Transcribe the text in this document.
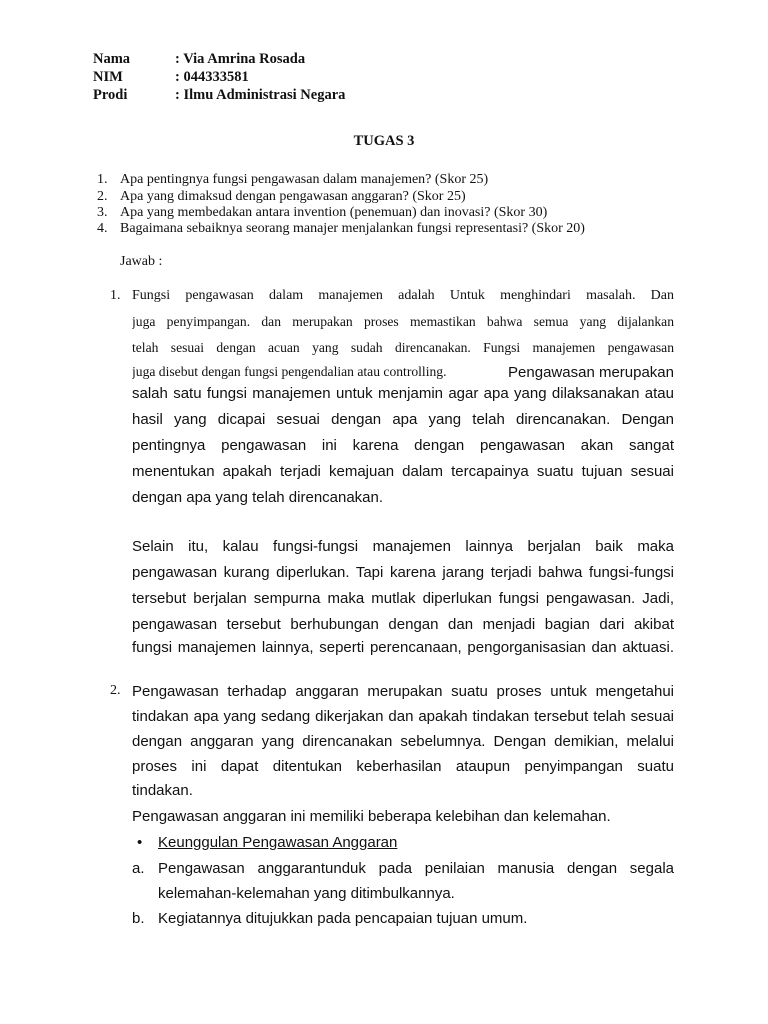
Nama	: Via Amrina Rosada
NIM	: 044333581
Prodi	: Ilmu Administrasi Negara
TUGAS 3
1. Apa pentingnya fungsi pengawasan dalam manajemen? (Skor 25)
2. Apa yang dimaksud dengan pengawasan anggaran? (Skor 25)
3. Apa yang membedakan antara invention (penemuan) dan inovasi? (Skor 30)
4. Bagaimana sebaiknya seorang manajer menjalankan fungsi representasi? (Skor 20)
Jawab :
1. Fungsi pengawasan dalam manajemen adalah Untuk menghindari masalah. Dan
juga penyimpangan. dan merupakan proses memastikan bahwa semua yang dijalankan
telah sesuai dengan acuan yang sudah direncanakan. Fungsi manajemen pengawasan
juga disebut dengan fungsi pengendalian atau controlling.	Pengawasan merupakan
salah satu fungsi manajemen untuk menjamin agar apa yang dilaksanakan atau
hasil yang dicapai sesuai dengan apa yang telah direncanakan. Dengan
pentingnya pengawasan ini karena dengan pengawasan akan sangat
menentukan apakah terjadi kemajuan dalam tercapainya suatu tujuan sesuai
dengan apa yang telah direncanakan.
Selain itu, kalau fungsi-fungsi manajemen lainnya berjalan baik maka
pengawasan kurang diperlukan. Tapi karena jarang terjadi bahwa fungsi-fungsi
tersebut berjalan sempurna maka mutlak diperlukan fungsi pengawasan. Jadi,
pengawasan tersebut berhubungan dengan dan menjadi bagian dari akibat
fungsi manajemen lainnya, seperti perencanaan, pengorganisasian dan aktuasi.
2. Pengawasan terhadap anggaran merupakan suatu proses untuk mengetahui
tindakan apa yang sedang dikerjakan dan apakah tindakan tersebut telah sesuai
dengan anggaran yang direncanakan sebelumnya. Dengan demikian, melalui
proses ini dapat ditentukan keberhasilan ataupun penyimpangan suatu
tindakan.
Pengawasan anggaran ini memiliki beberapa kelebihan dan kelemahan.
• Keunggulan Pengawasan Anggaran
a. Pengawasan anggarantunduk pada penilaian manusia dengan segala
kelemahan-kelemahan yang ditimbulkannya.
b. Kegiatannya ditujukkan pada pencapaian tujuan umum.
